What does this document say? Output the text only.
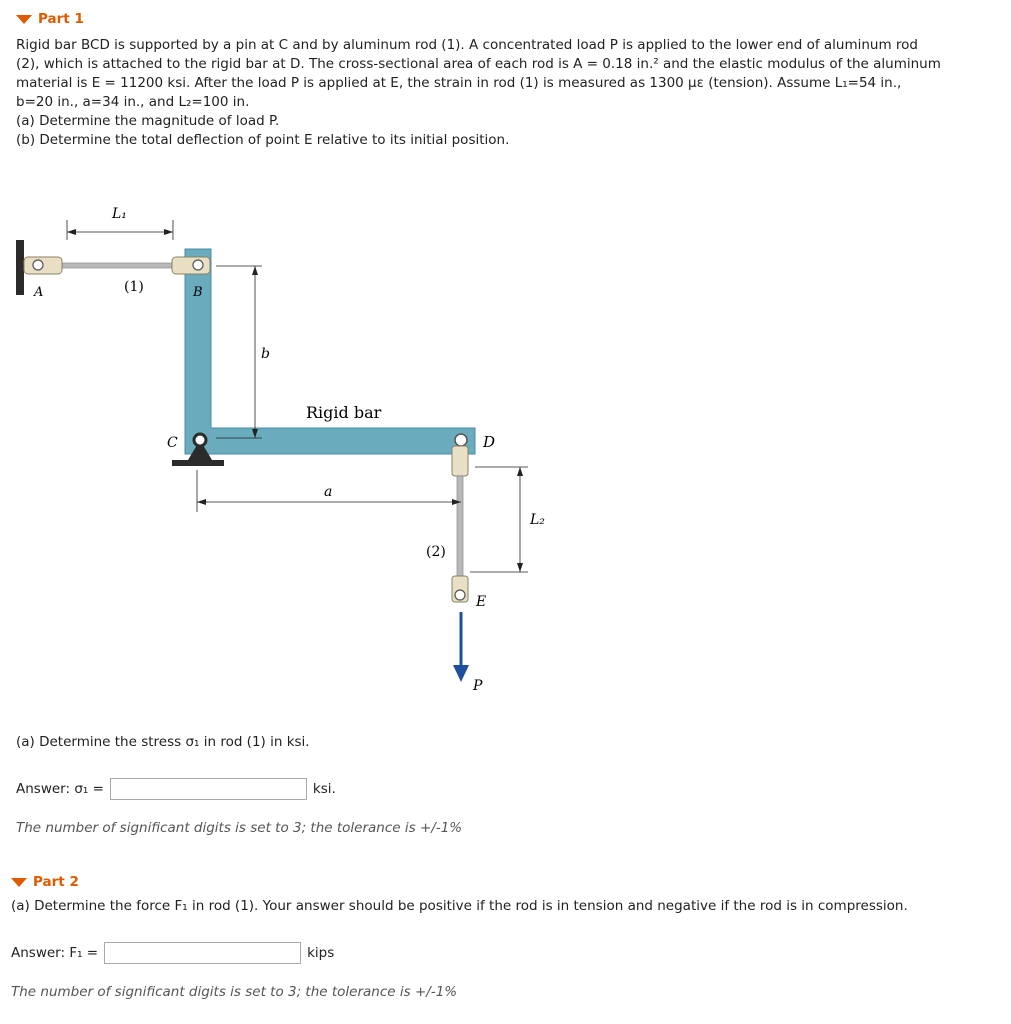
Part 1
Rigid bar BCD is supported by a pin at C and by aluminum rod (1). A concentrated load P is applied to the lower end of aluminum rod
(2), which is attached to the rigid bar at D. The cross-sectional area of each rod is A = 0.18 in.² and the elastic modulus of the aluminum
material is E = 11200 ksi. After the load P is applied at E, the strain in rod (1) is measured as 1300 με (tension). Assume L₁=54 in.,
b=20 in., a=34 in., and L₂=100 in.
(a) Determine the magnitude of load P.
(b) Determine the total deflection of point E relative to its initial position.
L₁
(1)
A	B
b
Rigid bar
C	D
a
L₂
(2)
E
P
(a) Determine the stress σ₁ in rod (1) in ksi.
Answer: σ₁ =	ksi.
The number of significant digits is set to 3; the tolerance is +/-1%
Part 2
(a) Determine the force F₁ in rod (1). Your answer should be positive if the rod is in tension and negative if the rod is in compression.
Answer: F₁ =	kips
The number of significant digits is set to 3; the tolerance is +/-1%
